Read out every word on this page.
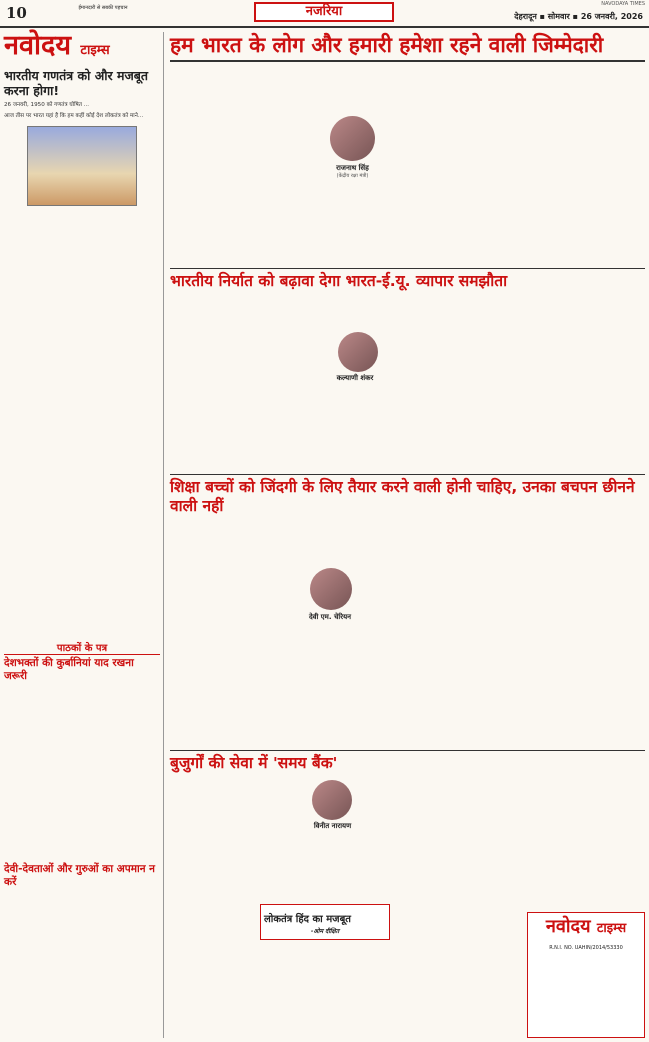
10	ईमानदारी से सबकी पहचान	नजरिया	NAVODAYA TIMES
देहरादून ▪ सोमवार ▪ 26 जनवरी, 2026
नवोदय टाइम्स
भारतीय गणतंत्र को और मजबूत करना होगा!

26 जनवरी, 1950 को गणतंत्र घोषित ...

आज तीस पर भारत यहां है कि हम कहीं कोई देश लोकतंत्र को माने...

हम भारत के लोग और हमारी हमेशा रहने वाली जिम्मेदारी
राजनाथ सिंह
(केंद्रीय रक्षा मंत्री)
भारतीय निर्यात को बढ़ावा देगा भारत-ई.यू. व्यापार समझौता
कल्याणी शंकर
शिक्षा बच्चों को जिंदगी के लिए तैयार करने वाली होनी चाहिए, उनका बचपन छीनने वाली नहीं
देवी एम. चेरियन
बुजुर्गों की सेवा में 'समय बैंक'
विनीत नारायण
लोकतंत्र हिंद का मजबूत
-ओम दीक्षित
पाठकों के पत्र
देशभक्तों की कुर्बानियां याद रखना जरूरी
देवी-देवताओं और गुरुओं का अपमान न करें
नवोदय टाइम्स
R.N.I. NO. UAHIN/2014/53330
